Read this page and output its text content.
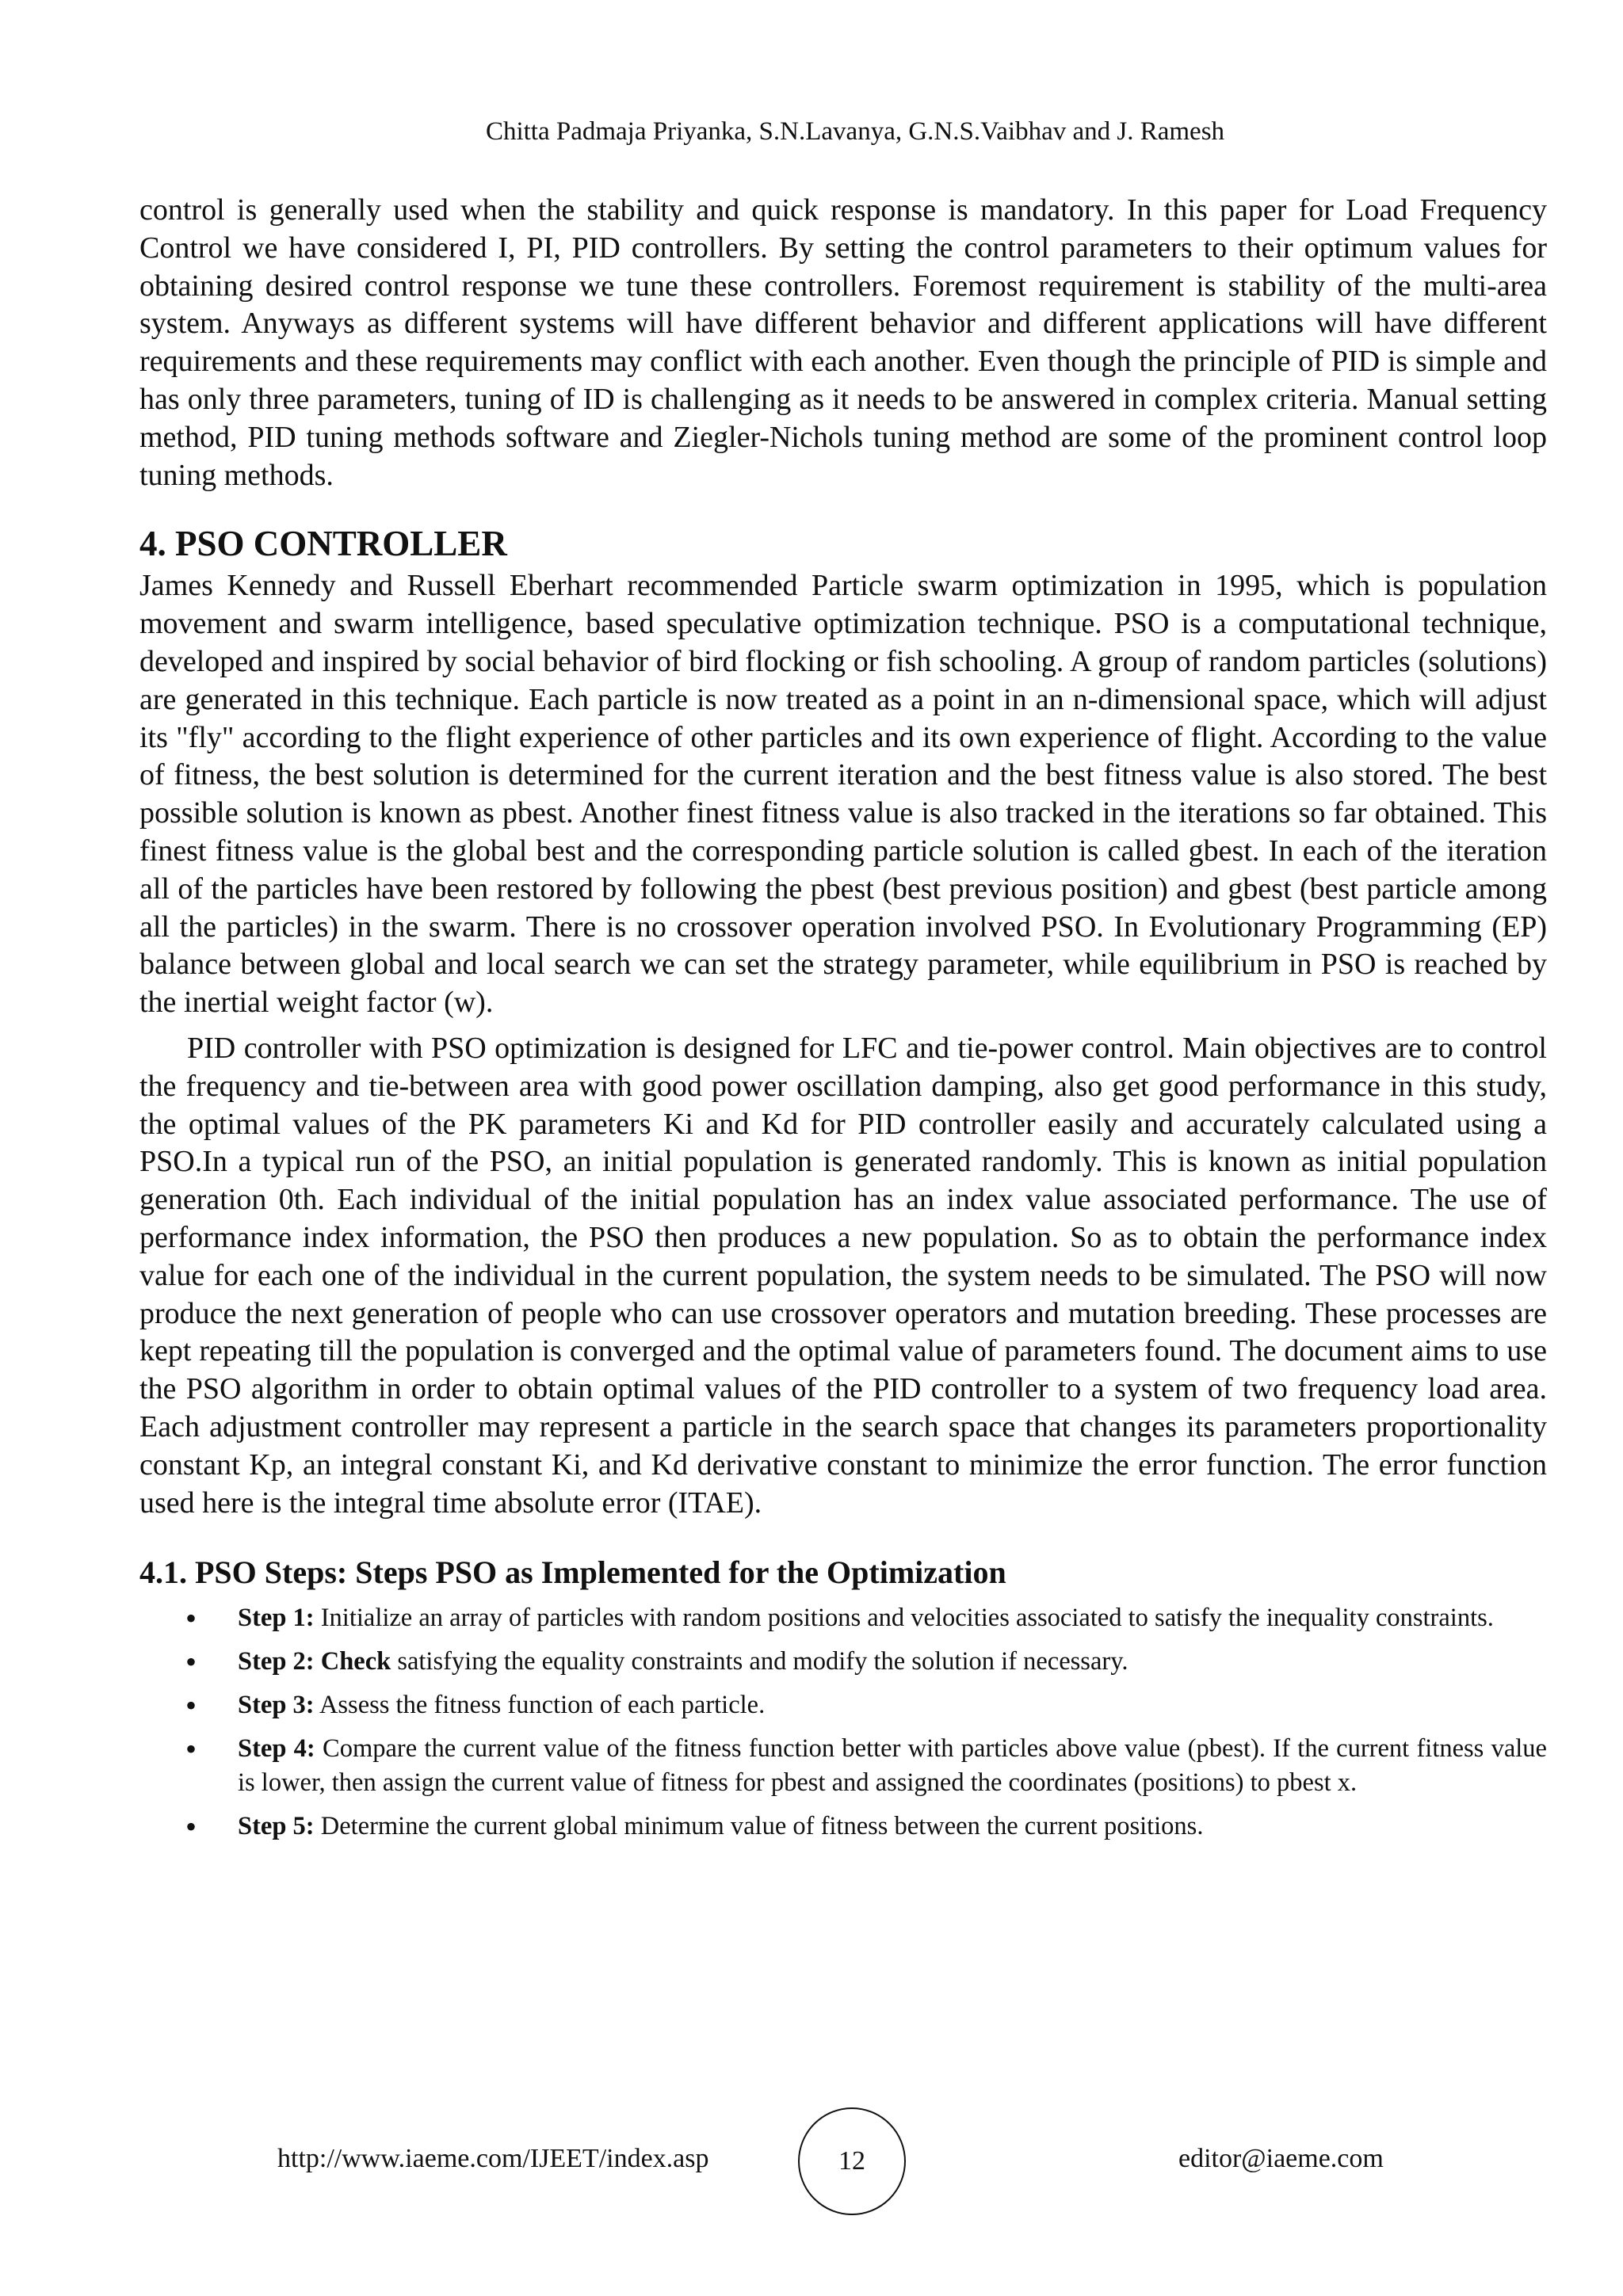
Chitta Padmaja Priyanka, S.N.Lavanya, G.N.S.Vaibhav and J. Ramesh

control is generally used when the stability and quick response is mandatory. In this paper for Load Frequency Control we have considered I, PI, PID controllers. By setting the control parameters to their optimum values for obtaining desired control response we tune these controllers. Foremost requirement is stability of the multi-area system. Anyways as different systems will have different behavior and different applications will have different requirements and these requirements may conflict with each another. Even though the principle of PID is simple and has only three parameters, tuning of ID is challenging as it needs to be answered in complex criteria. Manual setting method, PID tuning methods software and Ziegler-Nichols tuning method are some of the prominent control loop tuning methods.

4. PSO CONTROLLER

James Kennedy and Russell Eberhart recommended Particle swarm optimization in 1995, which is population movement and swarm intelligence, based speculative optimization technique. PSO is a computational technique, developed and inspired by social behavior of bird flocking or fish schooling. A group of random particles (solutions) are generated in this technique. Each particle is now treated as a point in an n-dimensional space, which will adjust its "fly" according to the flight experience of other particles and its own experience of flight. According to the value of fitness, the best solution is determined for the current iteration and the best fitness value is also stored. The best possible solution is known as pbest. Another finest fitness value is also tracked in the iterations so far obtained. This finest fitness value is the global best and the corresponding particle solution is called gbest. In each of the iteration all of the particles have been restored by following the pbest (best previous position) and gbest (best particle among all the particles) in the swarm. There is no crossover operation involved PSO. In Evolutionary Programming (EP) balance between global and local search we can set the strategy parameter, while equilibrium in PSO is reached by the inertial weight factor (w).

PID controller with PSO optimization is designed for LFC and tie-power control. Main objectives are to control the frequency and tie-between area with good power oscillation damping, also get good performance in this study, the optimal values of the PK parameters Ki and Kd for PID controller easily and accurately calculated using a PSO.In a typical run of the PSO, an initial population is generated randomly. This is known as initial population generation 0th. Each individual of the initial population has an index value associated performance. The use of performance index information, the PSO then produces a new population. So as to obtain the performance index value for each one of the individual in the current population, the system needs to be simulated. The PSO will now produce the next generation of people who can use crossover operators and mutation breeding. These processes are kept repeating till the population is converged and the optimal value of parameters found. The document aims to use the PSO algorithm in order to obtain optimal values of the PID controller to a system of two frequency load area. Each adjustment controller may represent a particle in the search space that changes its parameters proportionality constant Kp, an integral constant Ki, and Kd derivative constant to minimize the error function. The error function used here is the integral time absolute error (ITAE).

4.1. PSO Steps: Steps PSO as Implemented for the Optimization
• Step 1: Initialize an array of particles with random positions and velocities associated to satisfy the inequality constraints.
• Step 2: Check satisfying the equality constraints and modify the solution if necessary.
• Step 3: Assess the fitness function of each particle.
• Step 4: Compare the current value of the fitness function better with particles above value (pbest). If the current fitness value is lower, then assign the current value of fitness for pbest and assigned the coordinates (positions) to pbest x.
• Step 5: Determine the current global minimum value of fitness between the current positions.
http://www.iaeme.com/IJEET/index.asp	12	editor@iaeme.com
